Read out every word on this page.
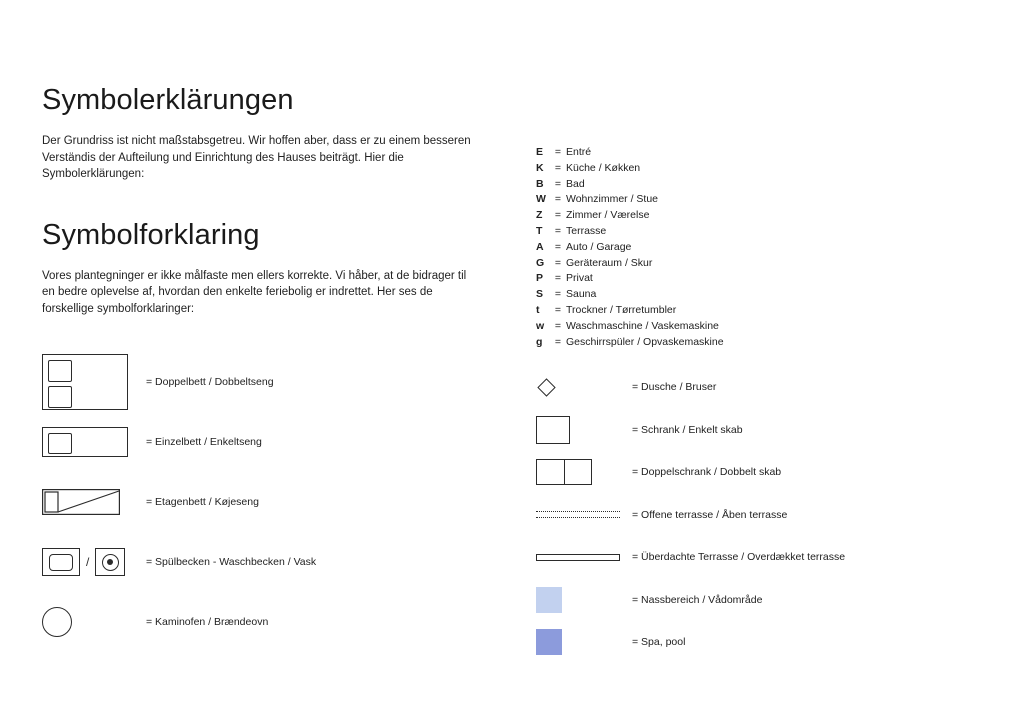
Symbolerklärungen

Der Grundriss ist nicht maßstabsgetreu. Wir hoffen aber, dass er zu einem besseren Verständis der Aufteilung und Einrichtung des Hauses beiträgt. Hier die Symbolerklärungen:

Symbolforklaring

Vores plantegninger er ikke målfaste men ellers korrekte. Vi håber, at de bidrager til en bedre oplevelse af, hvordan den enkelte feriebolig er indrettet. Her ses de forskellige symbolforklaringer:

= Doppelbett / Dobbeltseng
= Einzelbett / Enkeltseng
= Etagenbett / Køjeseng
/	= Spülbecken - Waschbecken / Vask
= Kaminofen / Brændeovn
E	= Entré
K	= Küche / Køkken
B	= Bad
W = Wohnzimmer / Stue
Z	= Zimmer / Værelse
T	= Terrasse
A	= Auto / Garage
G	= Geräteraum / Skur
P	= Privat
S	= Sauna
t	= Trockner / Tørretumbler
w	= Waschmaschine / Vaskemaskine
g	= Geschirrspüler / Opvaskemaskine
= Dusche / Bruser
= Schrank / Enkelt skab
= Doppelschrank / Dobbelt skab
= Offene terrasse / Åben terrasse
= Überdachte Terrasse / Overdækket terrasse
= Nassbereich / Vådområde
= Spa, pool
